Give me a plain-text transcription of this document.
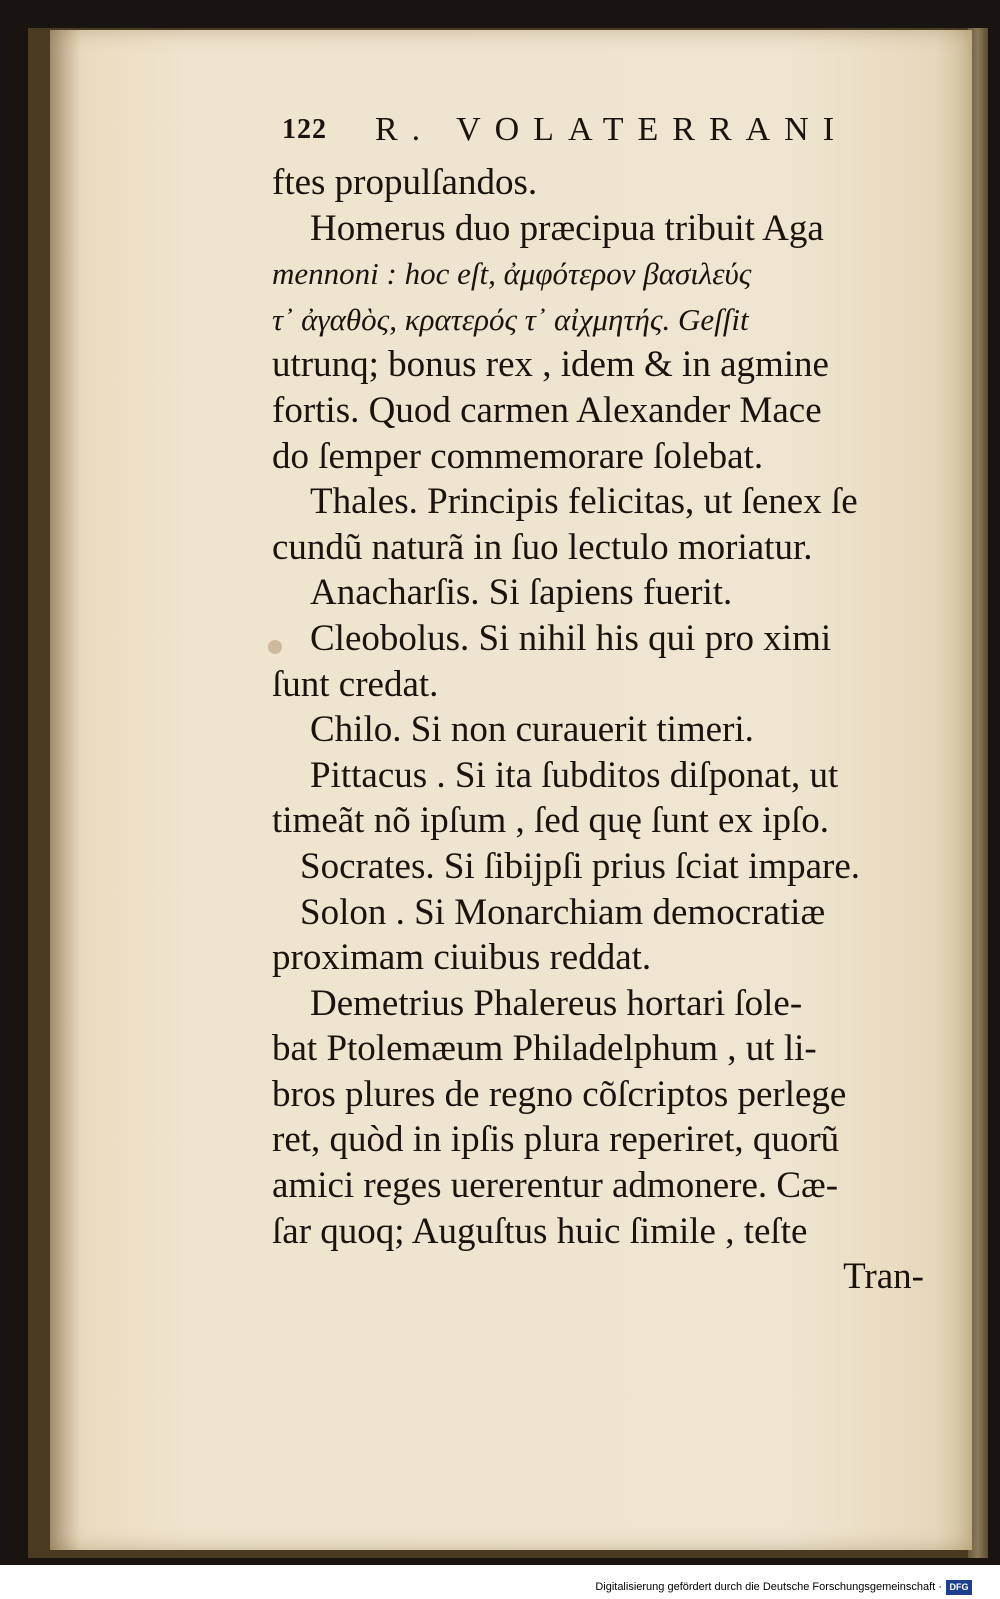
122 R. VOLATERRANI
ftes propulſandos.
Homerus duo præcipua tribuit Aga
mennoni : hoc eſt, ἀμφότερον βασιλεύς
τ᾿ ἀγαθὸς, κρατερός τ᾿ αἰχμητής. Geſſit
utrunq; bonus rex , idem & in agmine
fortis. Quod carmen Alexander Mace
do ſemper commemorare ſolebat.
Thales. Principis felicitas, ut ſenex ſe
cundũ naturã in ſuo lectulo moriatur.
Anacharſis. Si ſapiens fuerit.
Cleobolus. Si nihil his qui pro ximi
ſunt credat.
Chilo. Si non curauerit timeri.
Pittacus . Si ita ſubditos diſponat, ut
timeãt nõ ipſum , ſed quę ſunt ex ipſo.
Socrates. Si ſibijpſi prius ſciat imparе.
Solon . Si Monarchiam democratiæ
proximam ciuibus reddat.
Demetrius Phalereus hortari ſole-
bat Ptolemæum Philadelphum , ut li-
bros plures de regno cõſcriptos perlege
ret, quòd in ipſis plura reperiret, quorũ
amici reges uererentur admonere. Cæ-
ſar quoq; Auguſtus huic ſimile , teſte
Tran-
Digitalisierung gefördert durch die Deutsche Forschungsgemeinschaft · DFG
